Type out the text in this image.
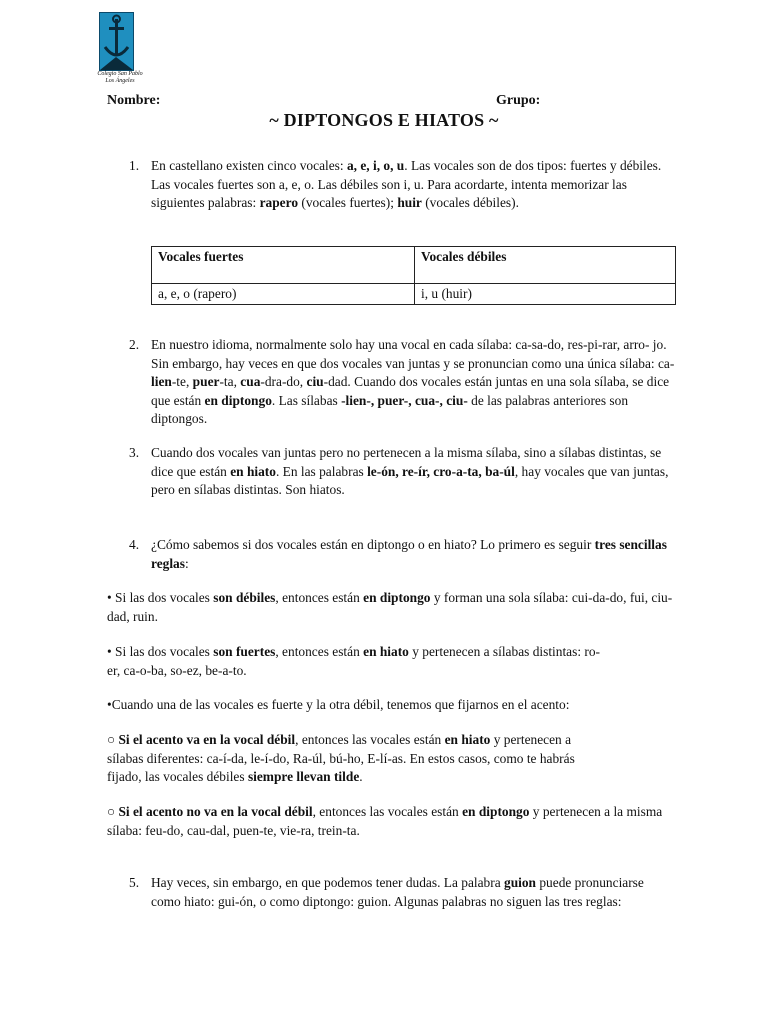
Colegio San Pablo
Los Ángeles
Nombre:	Grupo:
~ DIPTONGOS E HIATOS ~
1. En castellano existen cinco vocales: a, e, i, o, u. Las vocales son de dos tipos: fuertes y débiles. Las vocales fuertes son a, e, o. Las débiles son i, u. Para acordarte, intenta memorizar las siguientes palabras: rapero (vocales fuertes); huir (vocales débiles).
Vocales fuertes	Vocales débiles
a, e, o (rapero)	i, u (huir)
2. En nuestro idioma, normalmente solo hay una vocal en cada sílaba: ca-sa-do, res-pi-rar, arro- jo. Sin embargo, hay veces en que dos vocales van juntas y se pronuncian como una única sílaba: ca-lien-te, puer-ta, cua-dra-do, ciu-dad. Cuando dos vocales están juntas en una sola sílaba, se dice que están en diptongo. Las sílabas -lien-, puer-, cua-, ciu- de las palabras anteriores son diptongos.
3. Cuando dos vocales van juntas pero no pertenecen a la misma sílaba, sino a sílabas distintas, se dice que están en hiato. En las palabras le-ón, re-ír, cro-a-ta, ba-úl, hay vocales que van juntas, pero en sílabas distintas. Son hiatos.
4. ¿Cómo sabemos si dos vocales están en diptongo o en hiato? Lo primero es seguir tres sencillas reglas:
• Si las dos vocales son débiles, entonces están en diptongo y forman una sola sílaba: cui-da-do, fui, ciu-dad, ruin.
• Si las dos vocales son fuertes, entonces están en hiato y pertenecen a sílabas distintas: ro-er, ca-o-ba, so-ez, be-a-to.
•Cuando una de las vocales es fuerte y la otra débil, tenemos que fijarnos en el acento:
○ Si el acento va en la vocal débil, entonces las vocales están en hiato y pertenecen a sílabas diferentes: ca-í-da, le-í-do, Ra-úl, bú-ho, E-lí-as. En estos casos, como te habrás fijado, las vocales débiles siempre llevan tilde.
○ Si el acento no va en la vocal débil, entonces las vocales están en diptongo y pertenecen a la misma sílaba: feu-do, cau-dal, puen-te, vie-ra, trein-ta.
5. Hay veces, sin embargo, en que podemos tener dudas. La palabra guion puede pronunciarse como hiato: gui-ón, o como diptongo: guion. Algunas palabras no siguen las tres reglas:
